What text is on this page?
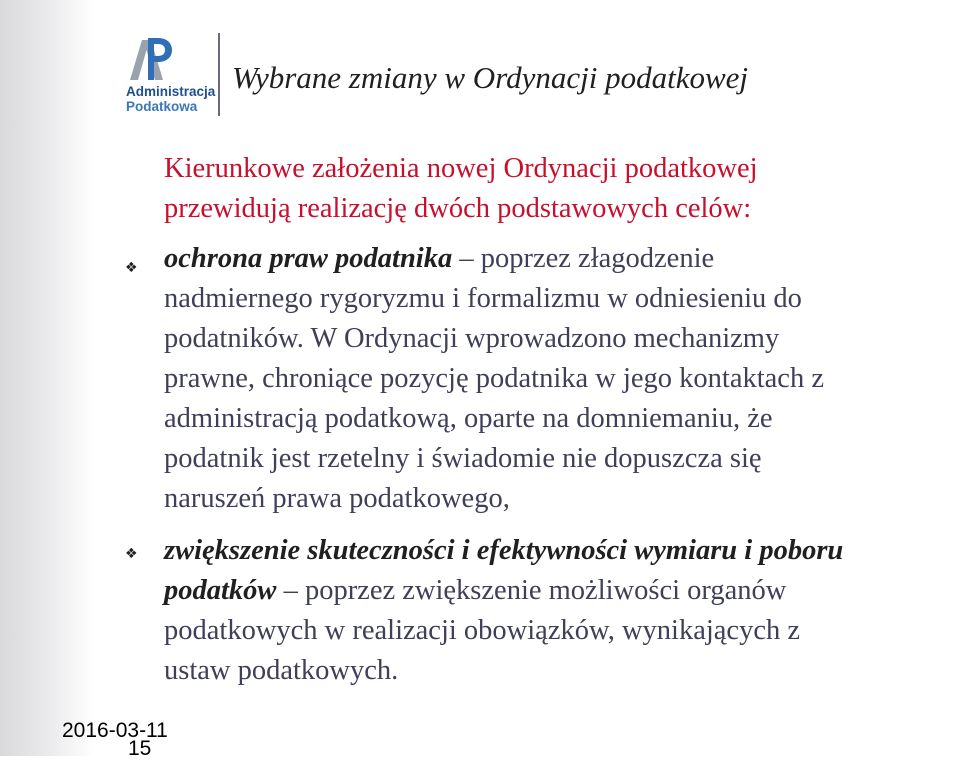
Administracja
Podatkowa
Wybrane zmiany w Ordynacji podatkowej
Kierunkowe założenia nowej Ordynacji podatkowej
przewidują realizację dwóch podstawowych celów:
❖ ochrona praw podatnika – poprzez złagodzenie
nadmiernego rygoryzmu i formalizmu w odniesieniu do
podatników. W Ordynacji wprowadzono mechanizmy
prawne, chroniące pozycję podatnika w jego kontaktach z
administracją podatkową, oparte na domniemaniu, że
podatnik jest rzetelny i świadomie nie dopuszcza się
naruszeń prawa podatkowego,
❖ zwiększenie skuteczności i efektywności wymiaru i poboru
podatków – poprzez zwiększenie możliwości organów
podatkowych w realizacji obowiązków, wynikających z
ustaw podatkowych.
2016-03-11
15
